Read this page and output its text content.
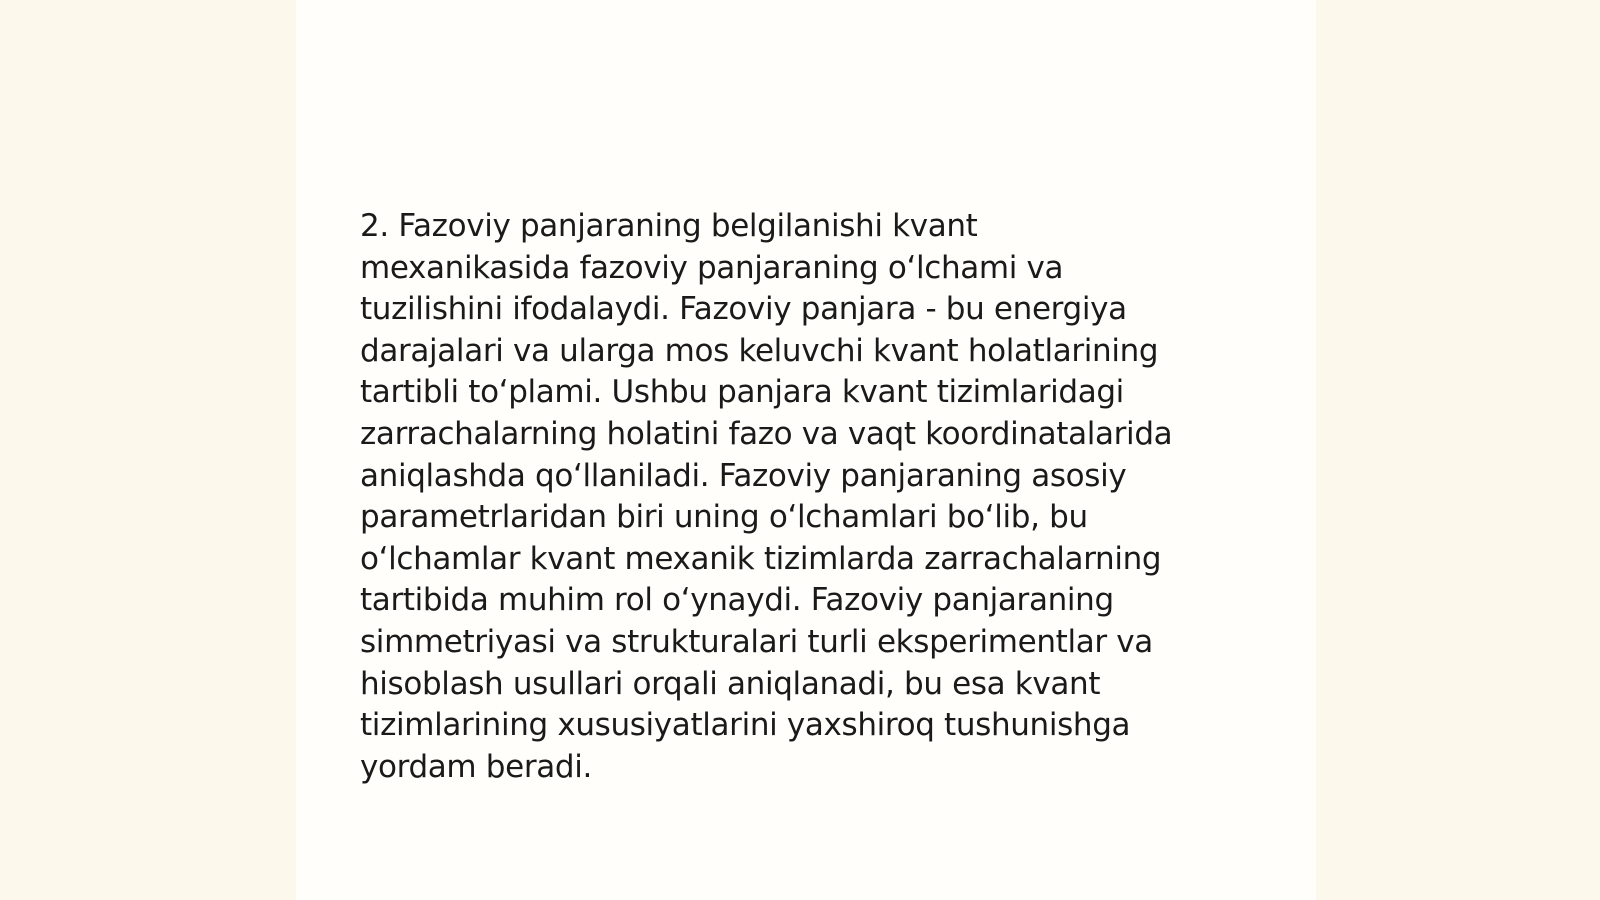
2. Fazoviy panjaraning belgilanishi kvant
mexanikasida fazoviy panjaraning oʻlchami va
tuzilishini ifodalaydi. Fazoviy panjara - bu energiya
darajalari va ularga mos keluvchi kvant holatlarining
tartibli toʻplami. Ushbu panjara kvant tizimlaridagi
zarrachalarning holatini fazo va vaqt koordinatalarida
aniqlashda qoʻllaniladi. Fazoviy panjaraning asosiy
parametrlaridan biri uning oʻlchamlari boʻlib, bu
oʻlchamlar kvant mexanik tizimlarda zarrachalarning
tartibida muhim rol oʻynaydi. Fazoviy panjaraning
simmetriyasi va strukturalari turli eksperimentlar va
hisoblash usullari orqali aniqlanadi, bu esa kvant
tizimlarining xususiyatlarini yaxshiroq tushunishga
yordam beradi.
